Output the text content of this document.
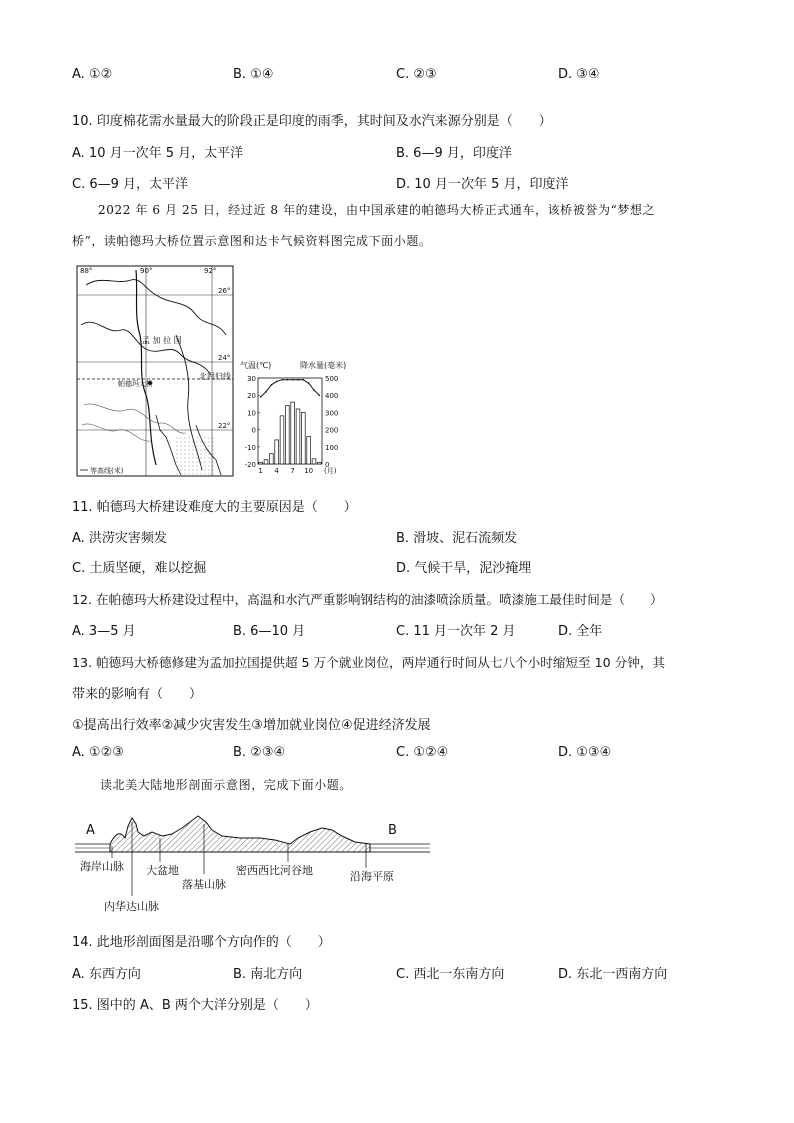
A. ①②	B. ①④	C. ②③	D. ③④
10. 印度棉花需水量最大的阶段正是印度的雨季，其时间及水汽来源分别是（　　）
A. 10 月一次年 5 月，太平洋	B. 6—9 月，印度洋
C. 6—9 月，太平洋	D. 10 月一次年 5 月，印度洋
2022 年 6 月 25 日，经过近 8 年的建设，由中国承建的帕德玛大桥正式通车，该桥被誉为“梦想之
桥”，读帕德玛大桥位置示意图和达卡气候资料图完成下面小题。
88°	90°	92°
26°
24°
22°
孟 加 拉 国
帕德玛大桥
北回归线
等高线(米)
气温(℃)	降水量(毫米)
30
20
10
0
-10
-20
500
400
300
200
100
0
1 4 7 10 (月)
11. 帕德玛大桥建设难度大的主要原因是（　　）
A. 洪涝灾害频发	B. 滑坡、泥石流频发
C. 土质坚硬，难以挖掘	D. 气候干旱，泥沙掩埋
12. 在帕德玛大桥建设过程中，高温和水汽严重影响钢结构的油漆喷涂质量。喷漆施工最佳时间是（　　）
A. 3—5 月	B. 6—10 月	C. 11 月一次年 2 月	D. 全年
13. 帕德玛大桥德修建为孟加拉国提供超 5 万个就业岗位，两岸通行时间从七八个小时缩短至 10 分钟，其
带来的影响有（　　）
①提高出行效率②减少灾害发生③增加就业岗位④促进经济发展
A. ①②③	B. ②③④	C. ①②④	D. ①③④
读北美大陆地形剖面示意图，完成下面小题。
A	B
海岸山脉 大盆地
落基山脉
密西西比河谷地	沿海平原
内华达山脉
14. 此地形剖面图是沿哪个方向作的（　　）
A. 东西方向	B. 南北方向	C. 西北一东南方向	D. 东北一西南方向
15. 图中的 A、B 两个大洋分别是（　　）
